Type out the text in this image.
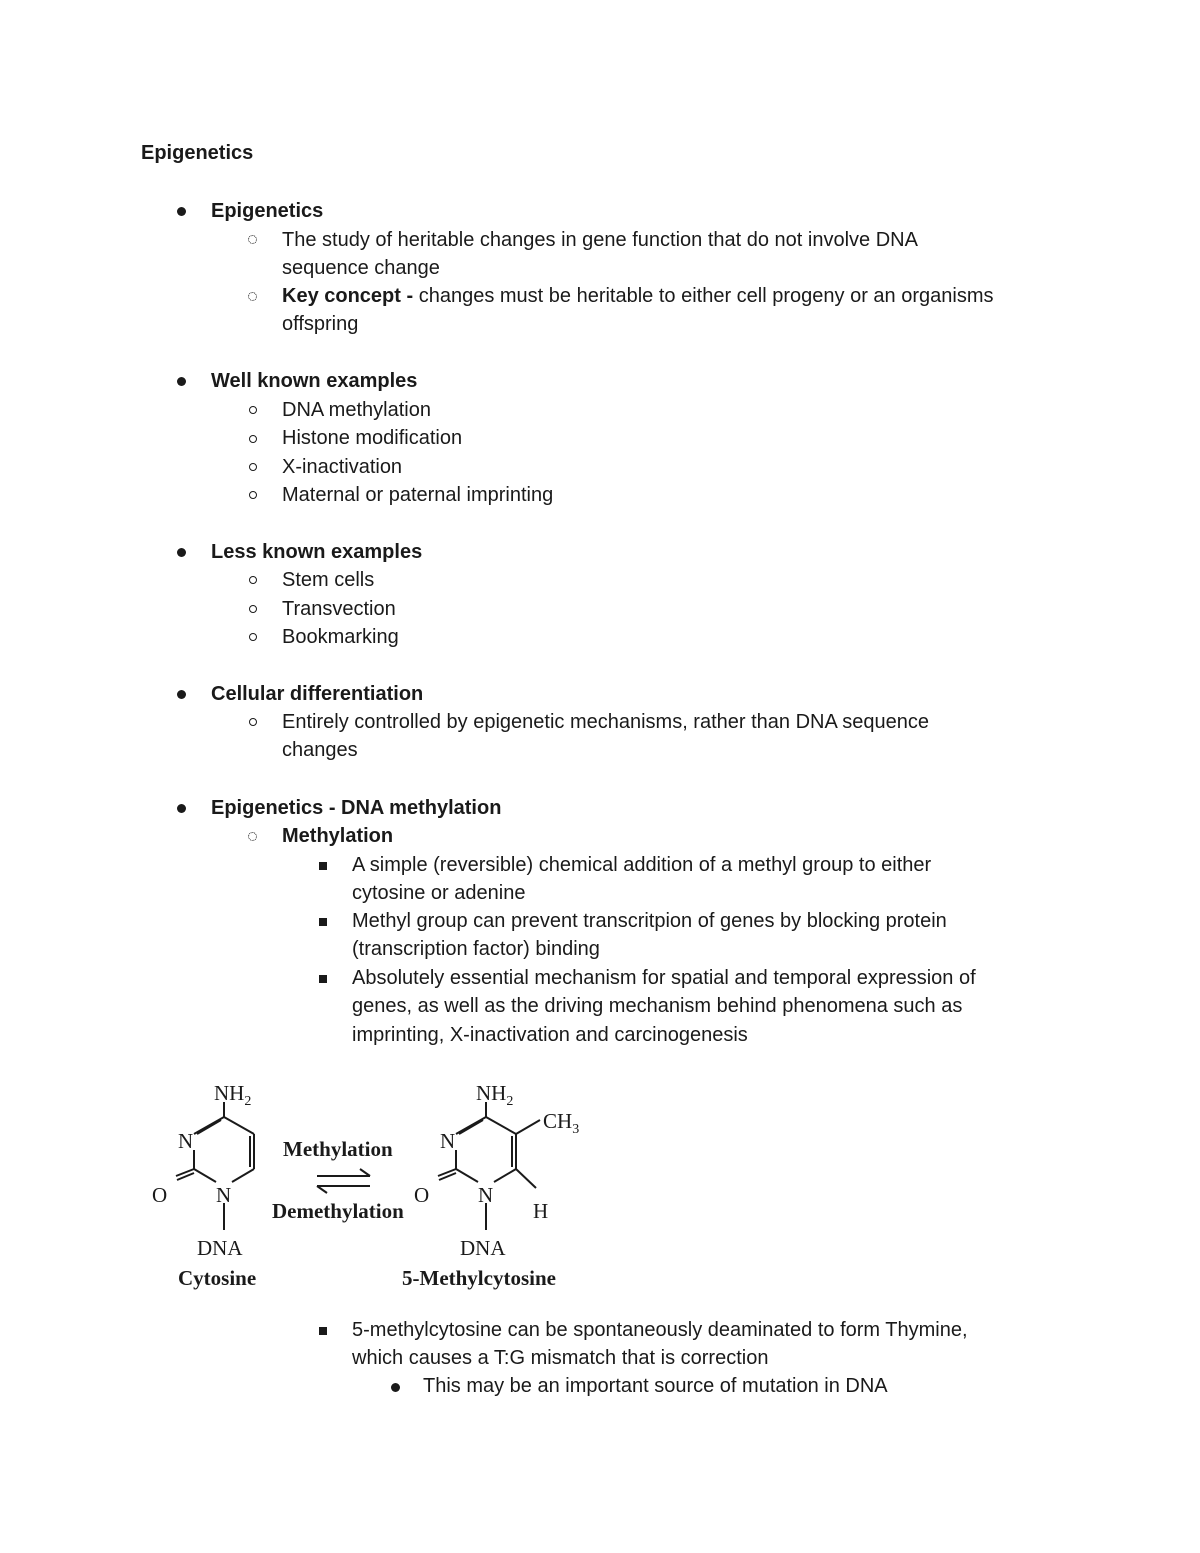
Epigenetics
Epigenetics
The study of heritable changes in gene function that do not involve DNA
sequence change
Key concept - changes must be heritable to either cell progeny or an organisms
offspring
Well known examples
DNA methylation
Histone modification
X-inactivation
Maternal or paternal imprinting
Less known examples
Stem cells
Transvection
Bookmarking
Cellular differentiation
Entirely controlled by epigenetic mechanisms, rather than DNA sequence
changes
Epigenetics - DNA methylation
Methylation
A simple (reversible) chemical addition of a methyl group to either
cytosine or adenine
Methyl group can prevent transcritpion of genes by blocking protein
(transcription factor) binding
Absolutely essential mechanism for spatial and temporal expression of
genes, as well as the driving mechanism behind phenomena such as
imprinting, X-inactivation and carcinogenesis
$NH_2$
N
N
O
DNA
Cytosine
Methylation
Demethylation
$NH_2$
$CH_3$
N
N
O
H
DNA
5-Methylcytosine
5-methylcytosine can be spontaneously deaminated to form Thymine,
which causes a T:G mismatch that is correction
This may be an important source of mutation in DNA
